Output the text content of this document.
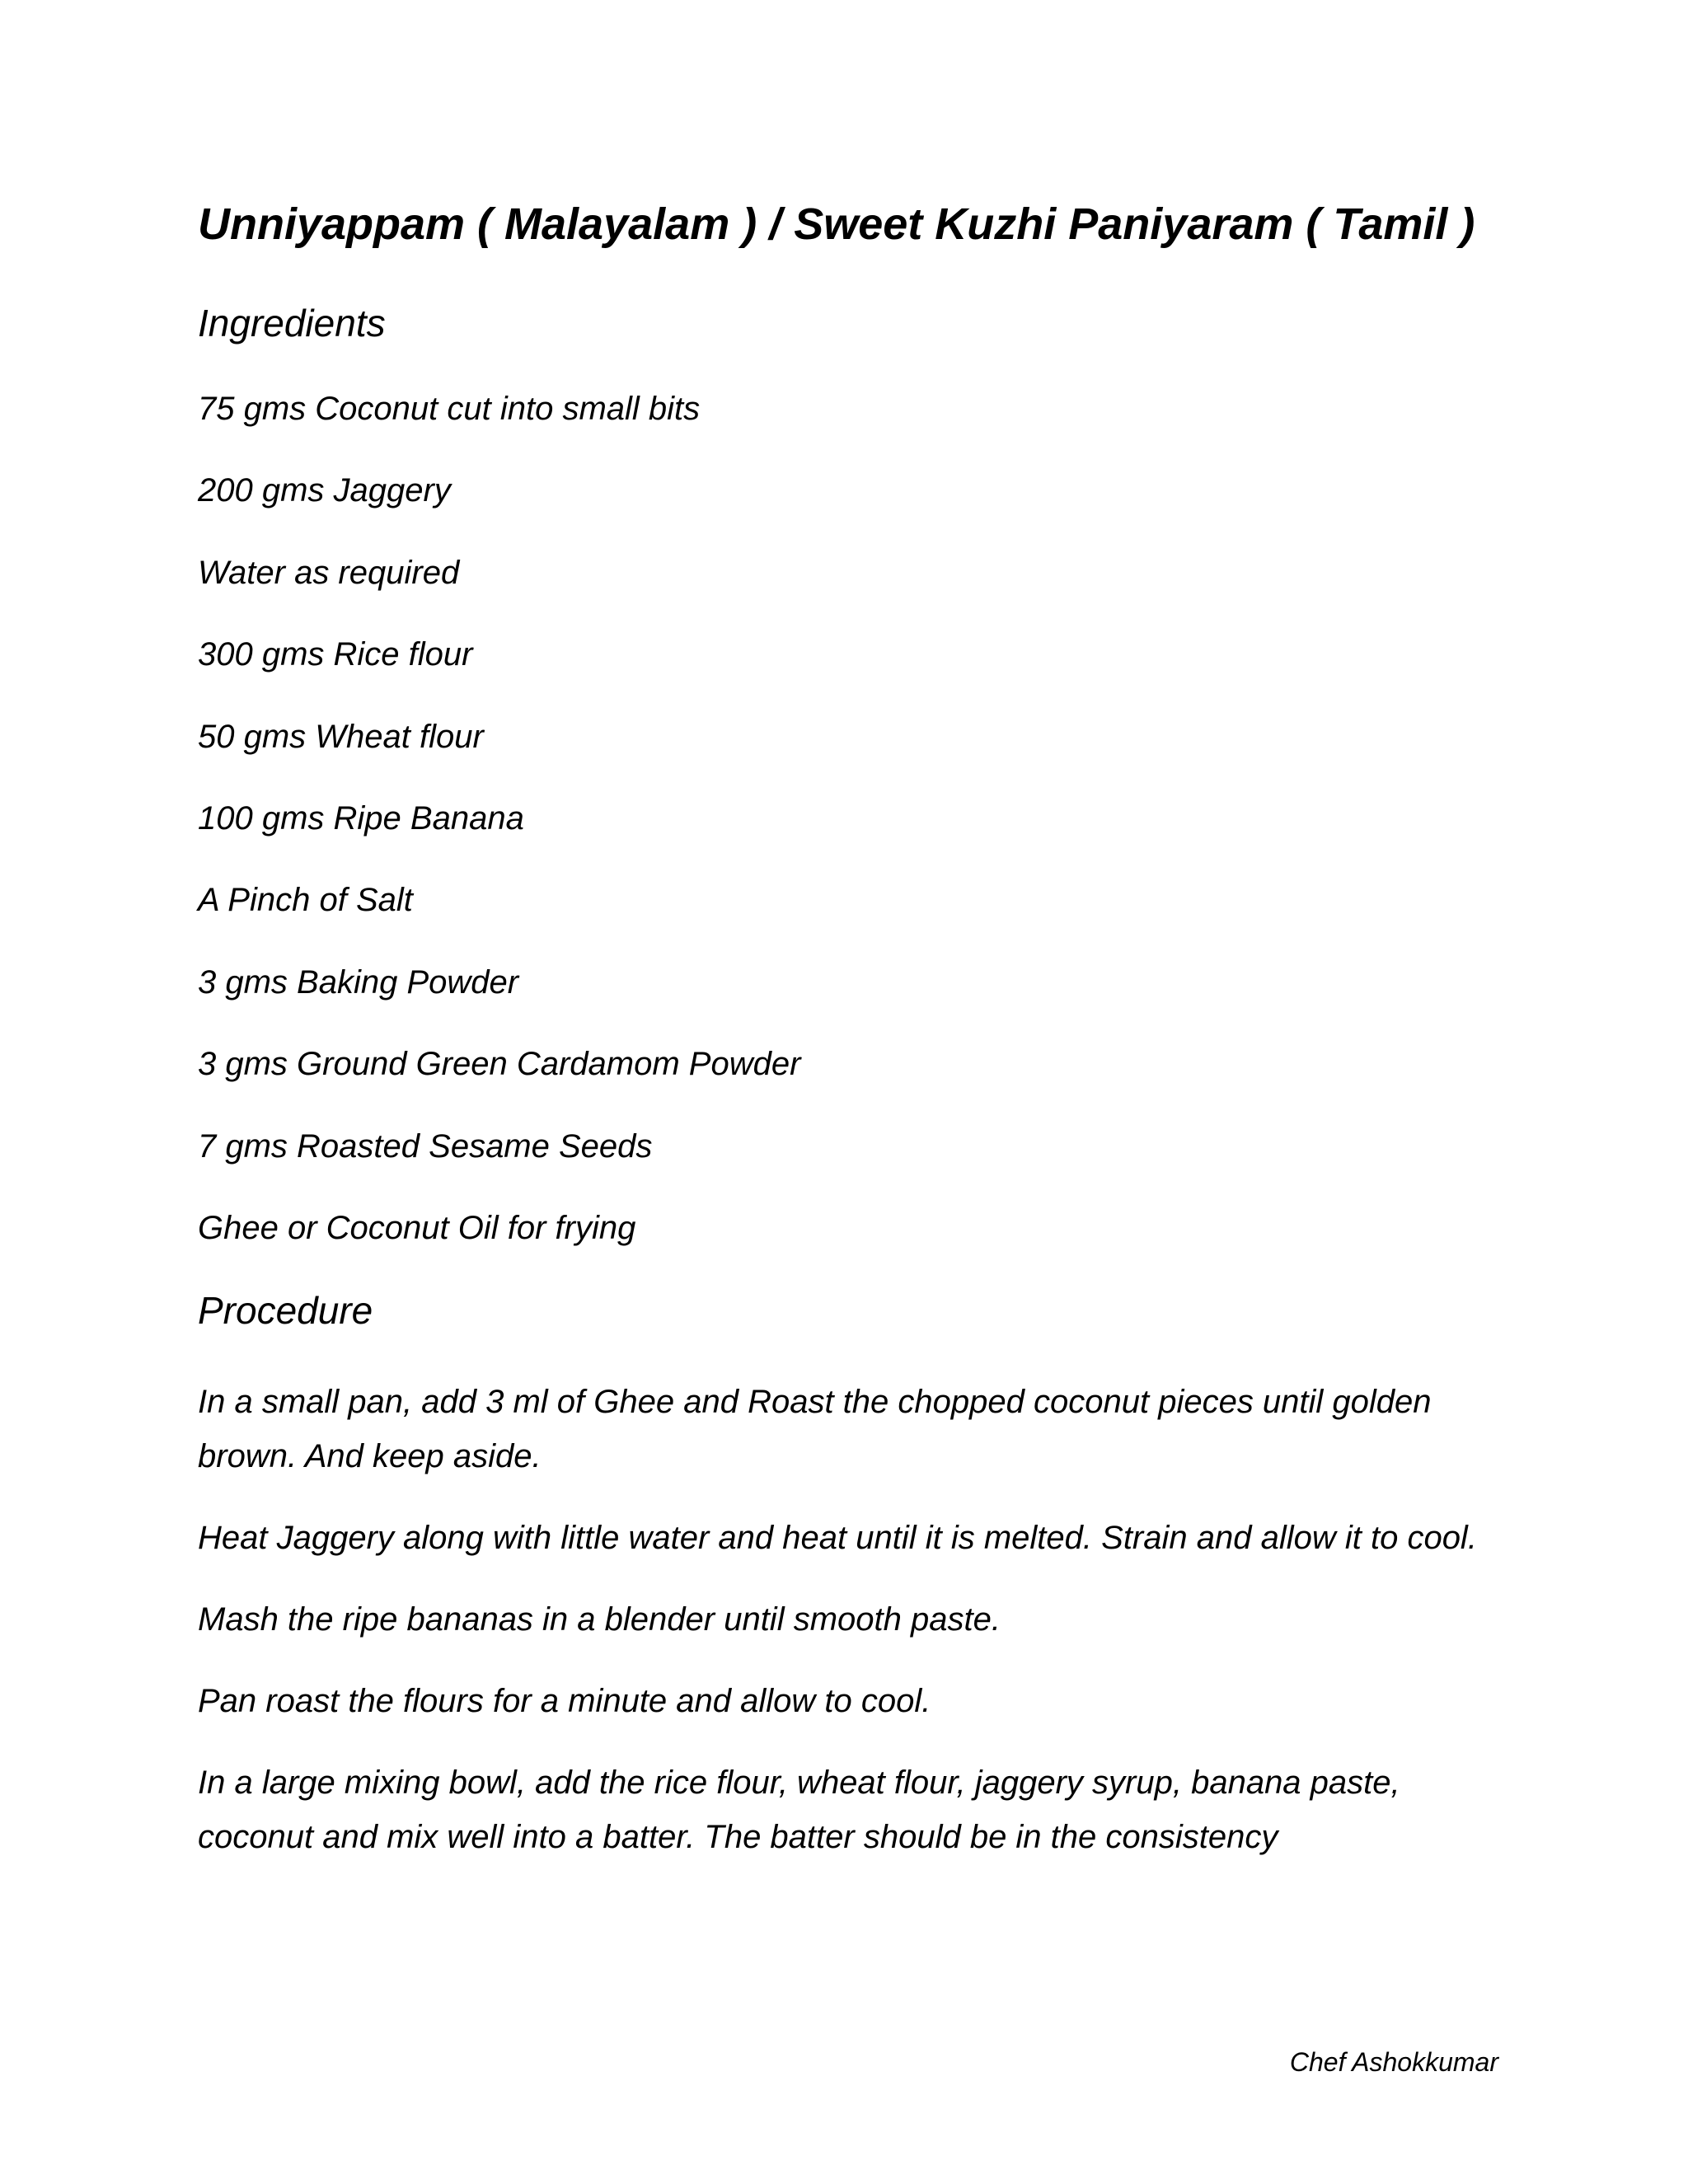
Unniyappam ( Malayalam ) / Sweet Kuzhi Paniyaram ( Tamil )
Ingredients
75 gms Coconut cut into small bits
200 gms Jaggery
Water as required
300 gms Rice flour
50 gms Wheat flour
100 gms Ripe Banana
A Pinch of Salt
3 gms Baking Powder
3 gms Ground Green Cardamom Powder
7 gms Roasted Sesame Seeds
Ghee or Coconut Oil for frying
Procedure
In a small pan, add 3 ml of Ghee and Roast the chopped coconut pieces until golden brown. And keep aside.
Heat Jaggery along with little water and heat until it is melted. Strain and allow it to cool.
Mash the ripe bananas in a blender until smooth paste.
Pan roast the flours for a minute and allow to cool.
In a large mixing bowl, add the rice flour, wheat flour, jaggery syrup, banana paste, coconut and mix well into a batter. The batter should be in the consistency
Chef Ashokkumar
